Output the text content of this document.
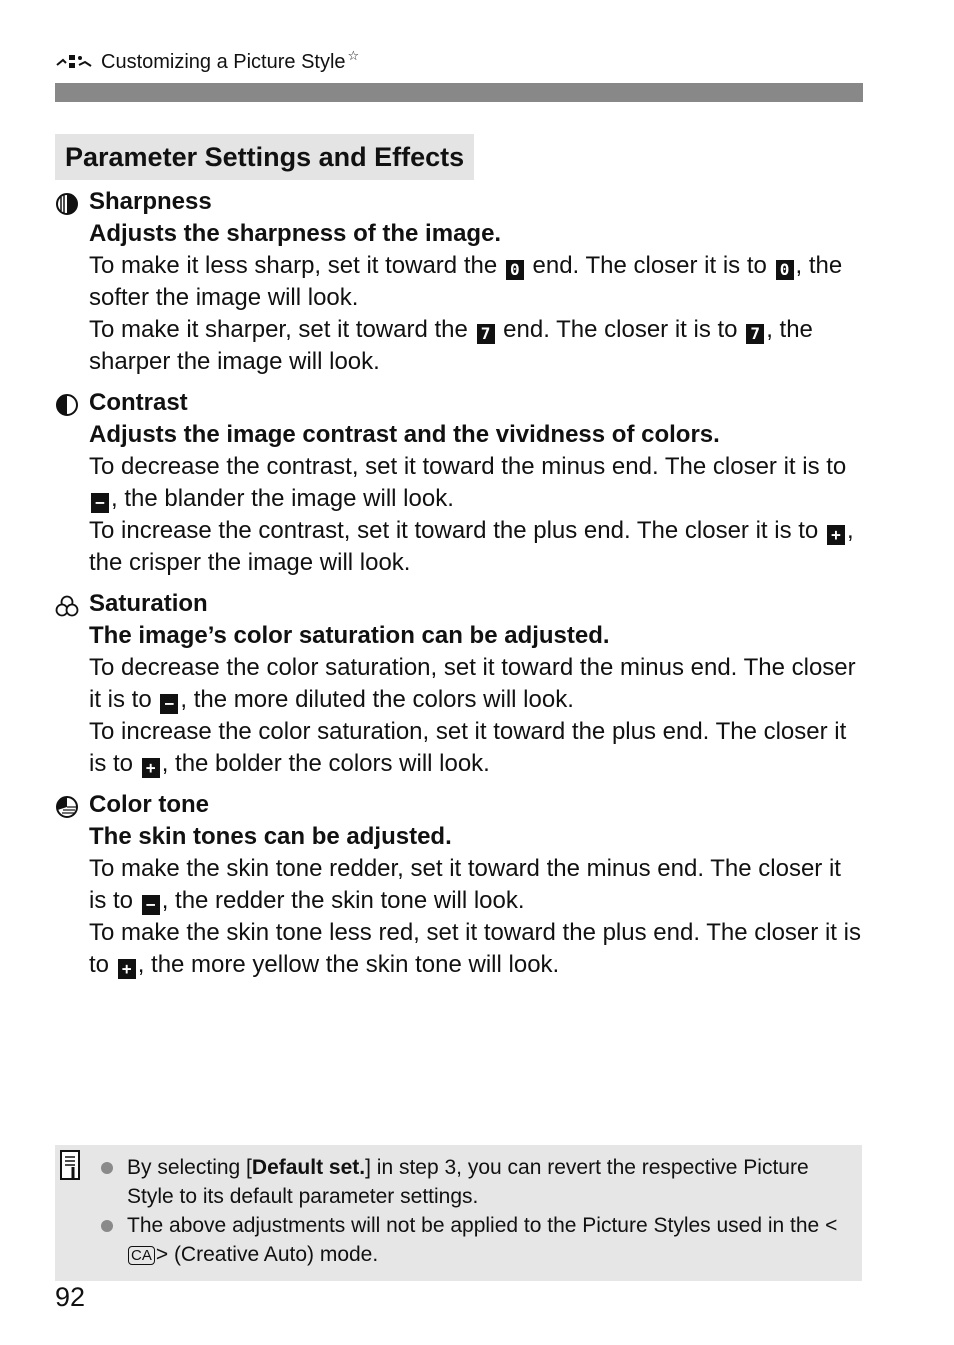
Customizing a Picture Style ☆
Parameter Settings and Effects
Sharpness
Adjusts the sharpness of the image.
To make it less sharp, set it toward the 0 end. The closer it is to 0 , the softer the image will look.
To make it sharper, set it toward the 7 end. The closer it is to 7 , the sharper the image will look.
Contrast
Adjusts the image contrast and the vividness of colors.
To decrease the contrast, set it toward the minus end. The closer it is to − , the blander the image will look.
To increase the contrast, set it toward the plus end. The closer it is to + , the crisper the image will look.
Saturation
The image’s color saturation can be adjusted.
To decrease the color saturation, set it toward the minus end. The closer it is to − , the more diluted the colors will look.
To increase the color saturation, set it toward the plus end. The closer it is to + , the bolder the colors will look.
Color tone
The skin tones can be adjusted.
To make the skin tone redder, set it toward the minus end. The closer it is to − , the redder the skin tone will look.
To make the skin tone less red, set it toward the plus end. The closer it is to + , the more yellow the skin tone will look.
By selecting [Default set.] in step 3, you can revert the respective Picture Style to its default parameter settings.
The above adjustments will not be applied to the Picture Styles used in the <CA > (Creative Auto) mode.
92
